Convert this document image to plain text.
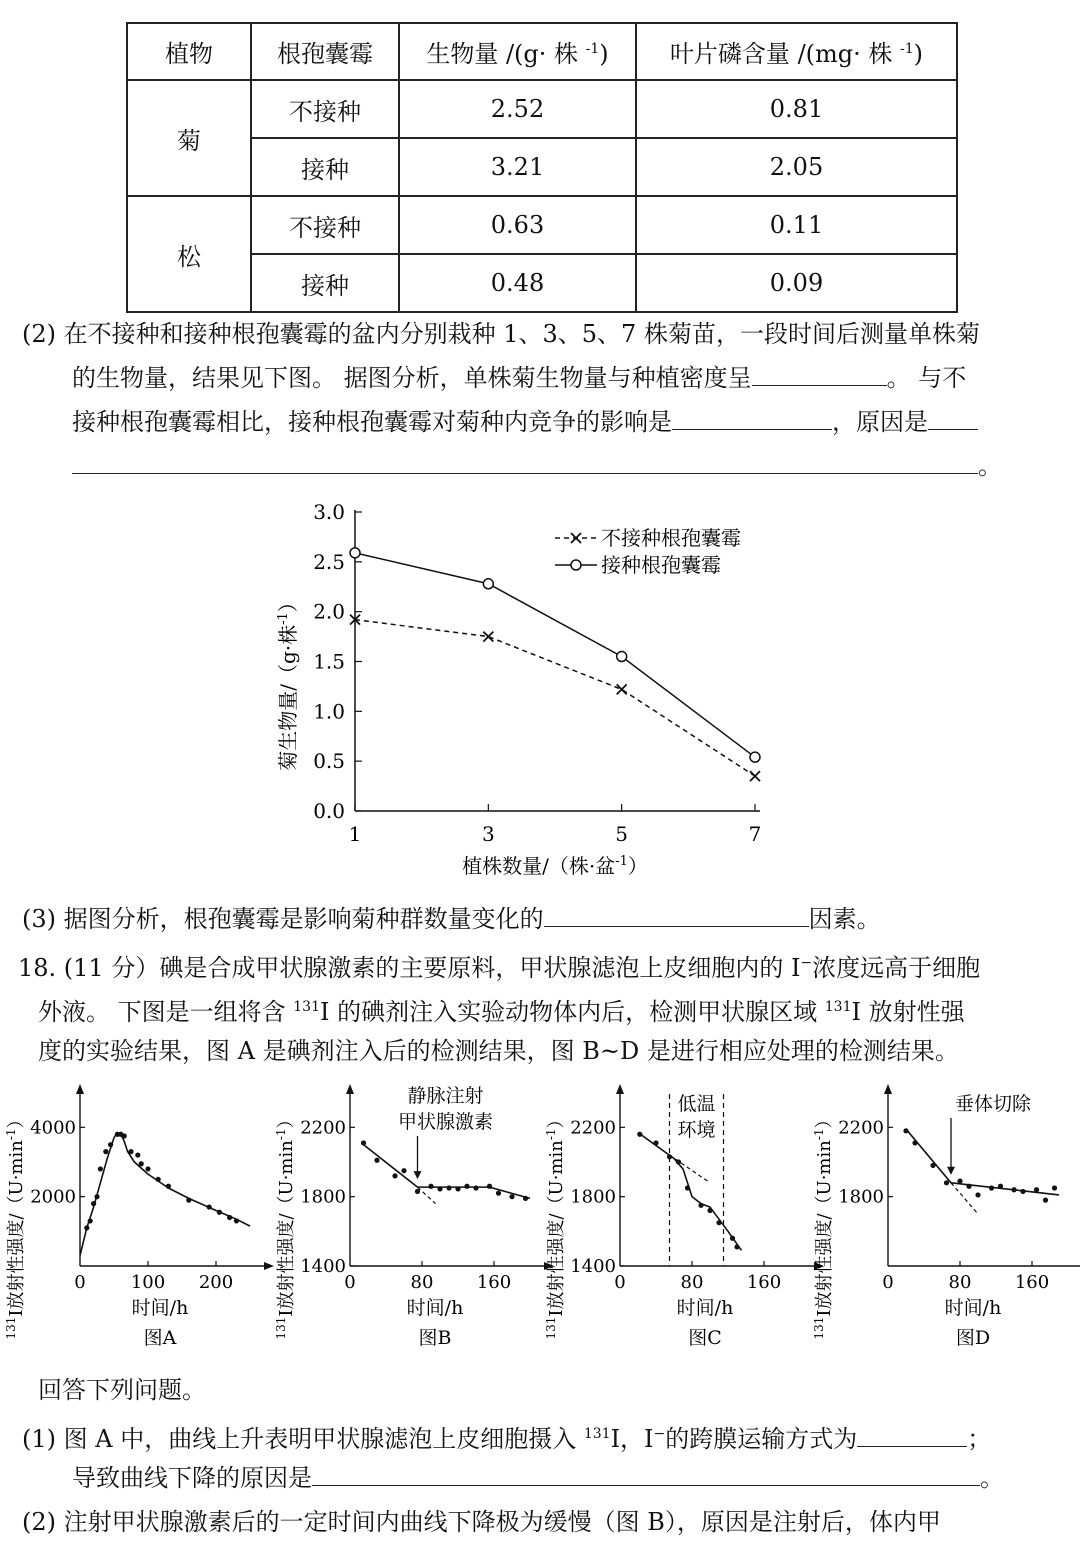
植物	根孢囊霉	生物量 /(g· 株 $^{-1}$)	叶片磷含量 /(mg· 株 $^{-1}$)
菊	不接种	2.52	0.81
	接种	3.21	2.05
松	不接种	0.63	0.11
	接种	0.48	0.09
(2) 在不接种和接种根孢囊霉的盆内分别栽种 1、3、5、7 株菊苗，一段时间后测量单株菊
的生物量，结果见下图。 据图分析，单株菊生物量与种植密度呈	。 与不
接种根孢囊霉相比，接种根孢囊霉对菊种内竞争的影响是	，原因是
。
0.0
0.5
1.0
1.5
2.0
2.5
3.0
1	3	5	7
植株数量/（株·盆$^{-1}$）
菊生物量/（g·株$^{-1}$）
不接种根孢囊霉
接种根孢囊霉
(3) 据图分析，根孢囊霉是影响菊种群数量变化的	因素。
18. (11 分）碘是合成甲状腺激素的主要原料，甲状腺滤泡上皮细胞内的 I−浓度远高于细胞
外液。 下图是一组将含 $^{131}$I 的碘剂注入实验动物体内后，检测甲状腺区域 $^{131}$I 放射性强
度的实验结果，图 A 是碘剂注入后的检测结果，图 B~D 是进行相应处理的检测结果。
2000
4000
0	100 200
时间/h
图A
$^{131}$I放射性强度$/(U\cdot\min^{-1})$
1400
1800
2200
0	80 160
时间/h
图B
$^{131}$I放射性强度$/(U\cdot\min^{-1})$
静脉注射
甲状腺激素
1400
1800
2200
0	80 160
时间/h
图C
$^{131}$I放射性强度$/(U\cdot\min^{-1})$
低温
环境
1800
2200
0	80 160
时间/h
图D
$^{131}$I放射性强度$/(U\cdot\min^{-1})$
垂体切除
回答下列问题。
(1) 图 A 中，曲线上升表明甲状腺滤泡上皮细胞摄入 $^{131}$I，I−的跨膜运输方式为	；
导致曲线下降的原因是	。
(2) 注射甲状腺激素后的一定时间内曲线下降极为缓慢（图 B），原因是注射后，体内甲
